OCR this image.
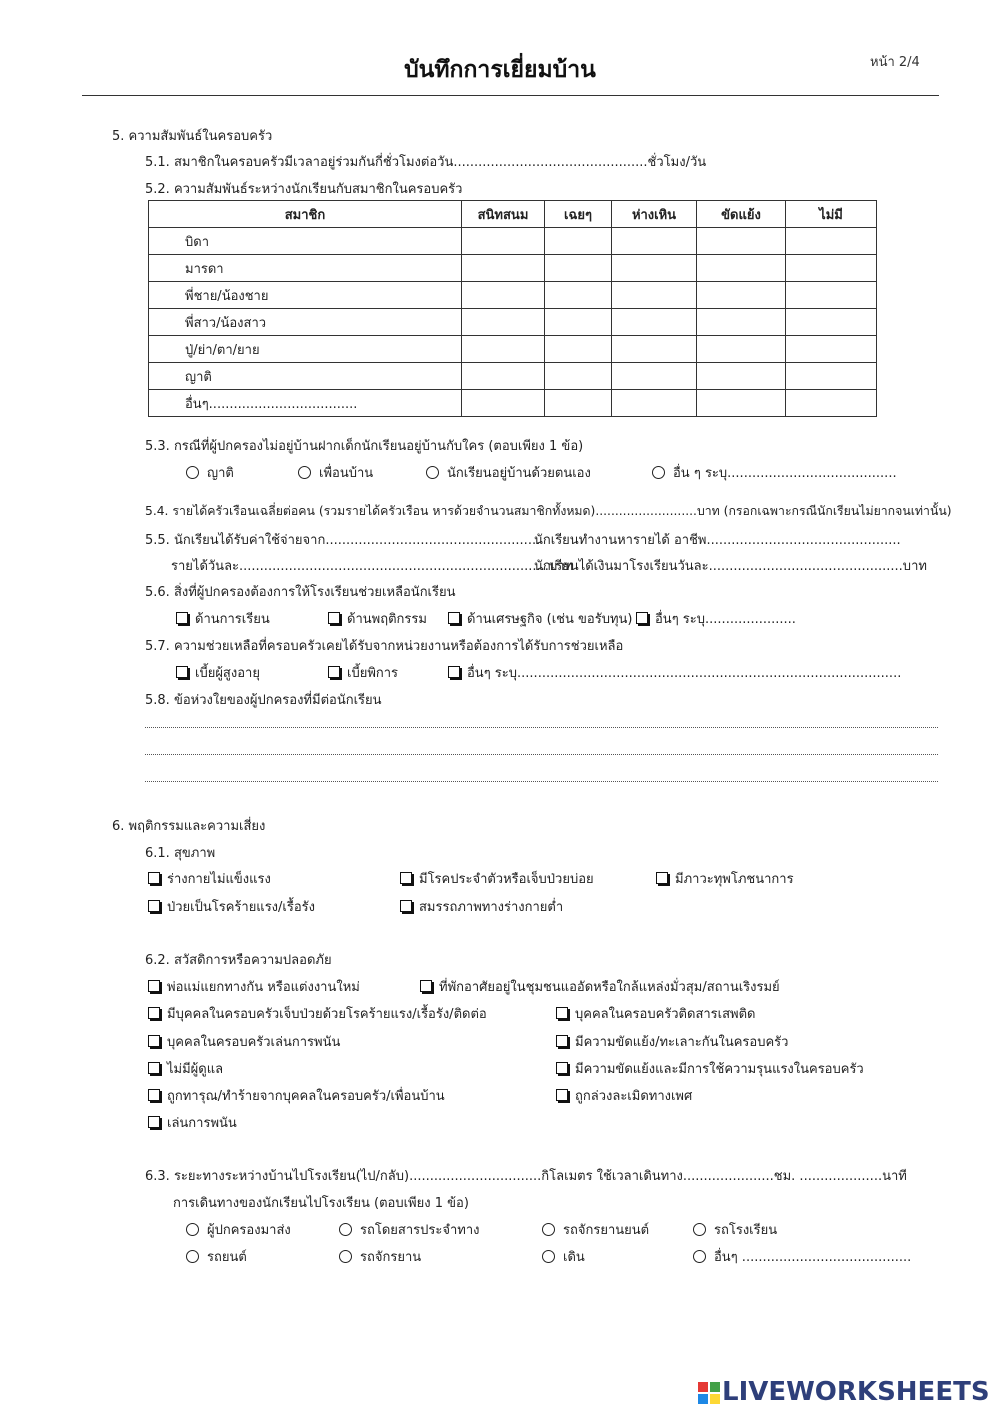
บันทึกการเยี่ยมบ้าน	หน้า 2/4
5. ความสัมพันธ์ในครอบครัว
5.1. สมาชิกในครอบครัวมีเวลาอยู่ร่วมกันกี่ชั่วโมงต่อวัน...............................................ชั่วโมง/วัน
5.2. ความสัมพันธ์ระหว่างนักเรียนกับสมาชิกในครอบครัว
สมาชิก	สนิทสนม	เฉยๆ	ห่างเหิน	ขัดแย้ง	ไม่มี
บิดา					
มารดา					
พี่ชาย/น้องชาย					
พี่สาว/น้องสาว					
ปู่/ย่า/ตา/ยาย					
ญาติ					
อื่นๆ....................................					
5.3. กรณีที่ผู้ปกครองไม่อยู่บ้านฝากเด็กนักเรียนอยู่บ้านกับใคร (ตอบเพียง 1 ข้อ)
ญาติ	เพื่อนบ้าน	นักเรียนอยู่บ้านด้วยตนเอง	อื่น ๆ ระบุ.........................................
5.4. รายได้ครัวเรือนเฉลี่ยต่อคน (รวมรายได้ครัวเรือน หารด้วยจำนวนสมาชิกทั้งหมด)..........................บาท (กรอกเฉพาะกรณีนักเรียนไม่ยากจนเท่านั้น)
5.5. นักเรียนได้รับค่าใช้จ่ายจาก....................................................
นักเรียนทำงานหารายได้ อาชีพ...............................................
รายได้วันละ...........................................................................บาท
นักเรียนได้เงินมาโรงเรียนวันละ...............................................บาท
5.6. สิ่งที่ผู้ปกครองต้องการให้โรงเรียนช่วยเหลือนักเรียน
ด้านการเรียน	ด้านพฤติกรรม	ด้านเศรษฐกิจ (เช่น ขอรับทุน)	อื่นๆ ระบุ......................
5.7. ความช่วยเหลือที่ครอบครัวเคยได้รับจากหน่วยงานหรือต้องการได้รับการช่วยเหลือ
เบี้ยผู้สูงอายุ	เบี้ยพิการ	อื่นๆ ระบุ.............................................................................................
5.8. ข้อห่วงใยของผู้ปกครองที่มีต่อนักเรียน
6. พฤติกรรมและความเสี่ยง
6.1. สุขภาพ
ร่างกายไม่แข็งแรง	มีโรคประจำตัวหรือเจ็บป่วยบ่อย	มีภาวะทุพโภชนาการ
ป่วยเป็นโรคร้ายแรง/เรื้อรัง	สมรรถภาพทางร่างกายต่ำ
6.2. สวัสดิการหรือความปลอดภัย
พ่อแม่แยกทางกัน หรือแต่งงานใหม่	ที่พักอาศัยอยู่ในชุมชนแออัดหรือใกล้แหล่งมั่วสุม/สถานเริงรมย์
มีบุคคลในครอบครัวเจ็บป่วยด้วยโรคร้ายแรง/เรื้อรัง/ติดต่อ	บุคคลในครอบครัวติดสารเสพติด
บุคคลในครอบครัวเล่นการพนัน	มีความขัดแย้ง/ทะเลาะกันในครอบครัว
ไม่มีผู้ดูแล	มีความขัดแย้งและมีการใช้ความรุนแรงในครอบครัว
ถูกทารุณ/ทำร้ายจากบุคคลในครอบครัว/เพื่อนบ้าน	ถูกล่วงละเมิดทางเพศ
เล่นการพนัน
6.3. ระยะทางระหว่างบ้านไปโรงเรียน(ไป/กลับ)................................กิโลเมตร ใช้เวลาเดินทาง......................ชม. ....................นาที
การเดินทางของนักเรียนไปโรงเรียน (ตอบเพียง 1 ข้อ)
ผู้ปกครองมาส่ง	รถโดยสารประจำทาง	รถจักรยานยนต์	รถโรงเรียน
รถยนต์	รถจักรยาน	เดิน	อื่นๆ .........................................
LIVEWORKSHEETS
